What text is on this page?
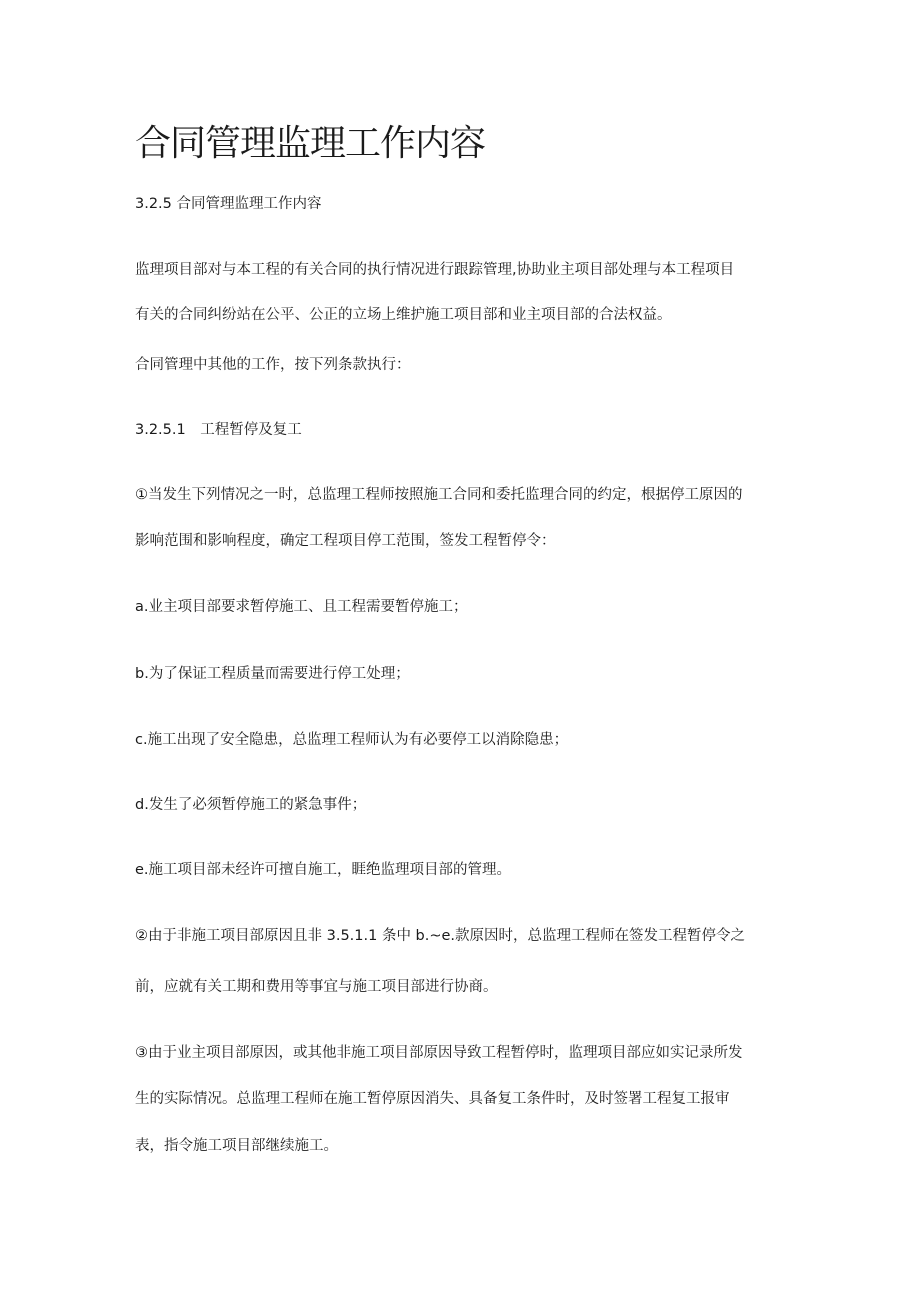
合同管理监理工作内容

3.2.5 合同管理监理工作内容

监理项目部对与本工程的有关合同的执行情况进行跟踪管理,协助业主项目部处理与本工程项目

有关的合同纠纷站在公平、公正的立场上维护施工项目部和业主项目部的合法权益。

合同管理中其他的工作，按下列条款执行：

3.2.5.1　工程暂停及复工

①当发生下列情况之一时，总监理工程师按照施工合同和委托监理合同的约定，根据停工原因的

影响范围和影响程度，确定工程项目停工范围，签发工程暂停令：

a.业主项目部要求暂停施工、且工程需要暂停施工；

b.为了保证工程质量而需要进行停工处理；

c.施工出现了安全隐患，总监理工程师认为有必要停工以消除隐患；

d.发生了必须暂停施工的紧急事件；

e.施工项目部未经许可擅自施工，睚绝监理项目部的管理。

②由于非施工项目部原因且非 3.5.1.1 条中 b.~e.款原因时，总监理工程师在签发工程暂停令之

前，应就有关工期和费用等事宜与施工项目部进行协商。

③由于业主项目部原因，或其他非施工项目部原因导致工程暂停时，监理项目部应如实记录所发

生的实际情况。总监理工程师在施工暂停原因消失、具备复工条件时，及时签署工程复工报审

表，指令施工项目部继续施工。
